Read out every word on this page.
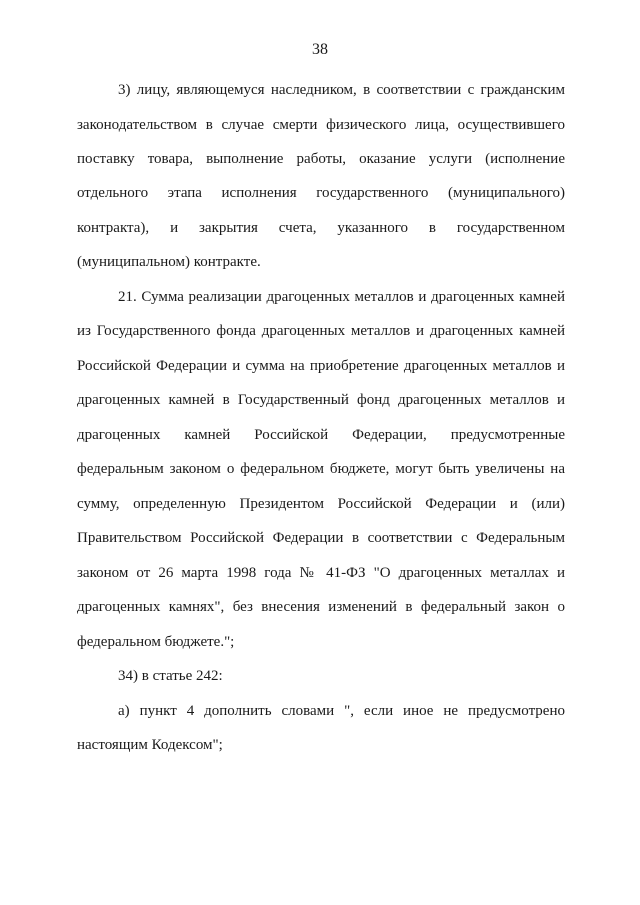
38
3) лицу, являющемуся наследником, в соответствии с гражданским
законодательством в случае смерти физического лица, осуществившего
поставку товара, выполнение работы, оказание услуги (исполнение
отдельного этапа исполнения государственного (муниципального)
контракта), и закрытия счета, указанного в государственном
(муниципальном) контракте.
21. Сумма реализации драгоценных металлов и драгоценных камней
из Государственного фонда драгоценных металлов и драгоценных камней
Российской Федерации и сумма на приобретение драгоценных металлов и
драгоценных камней в Государственный фонд драгоценных металлов и
драгоценных камней Российской Федерации, предусмотренные
федеральным законом о федеральном бюджете, могут быть увеличены на
сумму, определенную Президентом Российской Федерации и (или)
Правительством Российской Федерации в соответствии с Федеральным
законом от 26 марта 1998 года № 41-ФЗ "О драгоценных металлах и
драгоценных камнях", без внесения изменений в федеральный закон о
федеральном бюджете.";
34) в статье 242:
а) пункт 4 дополнить словами ", если иное не предусмотрено
настоящим Кодексом";
